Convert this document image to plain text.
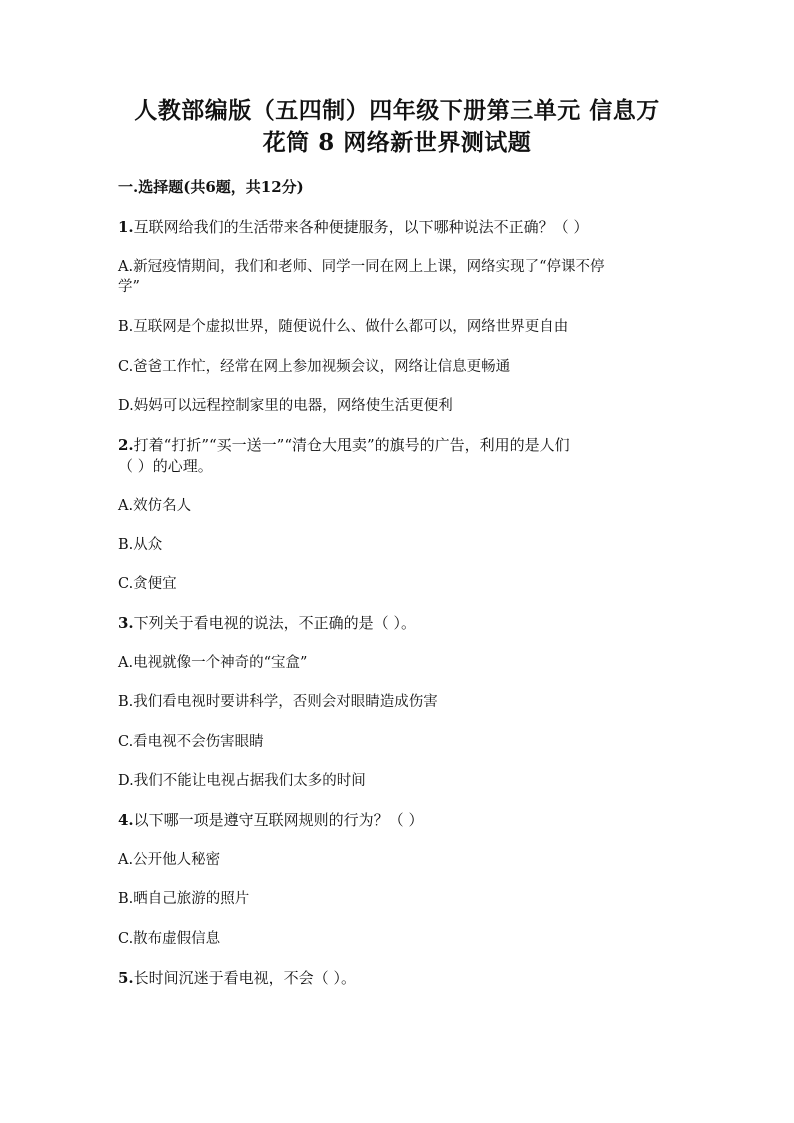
人教部编版（五四制）四年级下册第三单元 信息万
花筒 8 网络新世界测试题
一.选择题(共6题，共12分)
1.互联网给我们的生活带来各种便捷服务，以下哪种说法不正确？（ ）
A.新冠疫情期间，我们和老师、同学一同在网上上课，网络实现了“停课不停
学”
B.互联网是个虚拟世界，随便说什么、做什么都可以，网络世界更自由
C.爸爸工作忙，经常在网上参加视频会议，网络让信息更畅通
D.妈妈可以远程控制家里的电器，网络使生活更便利
2.打着“打折”“买一送一”“清仓大甩卖”的旗号的广告，利用的是人们
（ ）的心理。
A.效仿名人
B.从众
C.贪便宜
3.下列关于看电视的说法，不正确的是（ ）。
A.电视就像一个神奇的“宝盒”
B.我们看电视时要讲科学，否则会对眼睛造成伤害
C.看电视不会伤害眼睛
D.我们不能让电视占据我们太多的时间
4.以下哪一项是遵守互联网规则的行为？（ ）
A.公开他人秘密
B.晒自己旅游的照片
C.散布虚假信息
5.长时间沉迷于看电视，不会（ ）。
